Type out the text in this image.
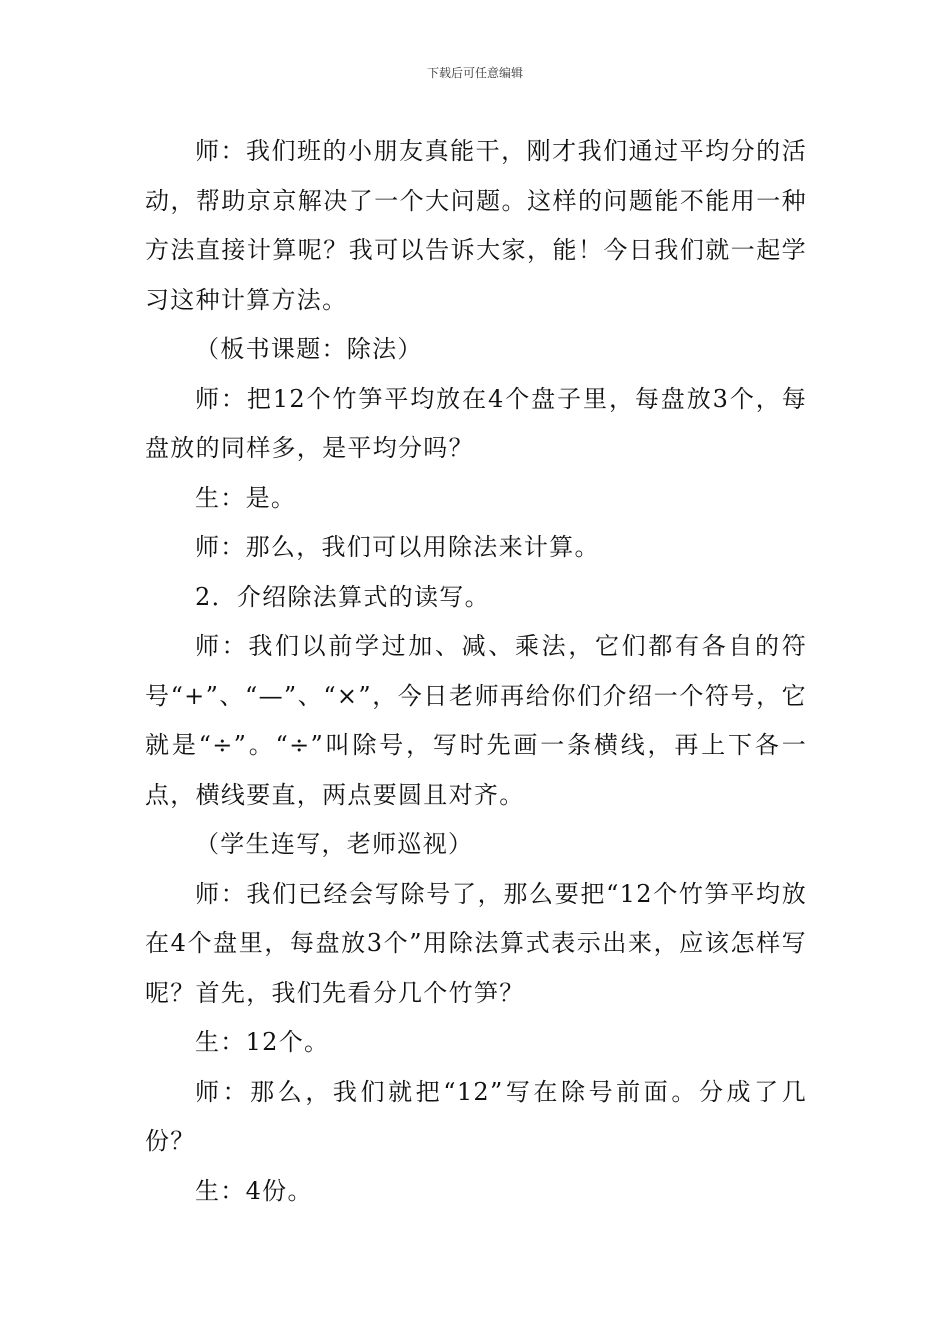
下载后可任意编辑

师：我们班的小朋友真能干，刚才我们通过平均分的活动，帮助京京解决了一个大问题。这样的问题能不能用一种方法直接计算呢？我可以告诉大家，能！今日我们就一起学习这种计算方法。

（板书课题：除法）

师：把12个竹笋平均放在4个盘子里，每盘放3个，每盘放的同样多，是平均分吗？

生：是。

师：那么，我们可以用除法来计算。

2．介绍除法算式的读写。

师：我们以前学过加、减、乘法，它们都有各自的符号“+”、“—”、“×”，今日老师再给你们介绍一个符号，它就是“÷”。“÷”叫除号，写时先画一条横线，再上下各一点，横线要直，两点要圆且对齐。

（学生连写，老师巡视）

师：我们已经会写除号了，那么要把“12个竹笋平均放在4个盘里，每盘放3个”用除法算式表示出来，应该怎样写呢？首先，我们先看分几个竹笋？

生：12个。

师：那么，我们就把“12”写在除号前面。分成了几份？

生：4份。
